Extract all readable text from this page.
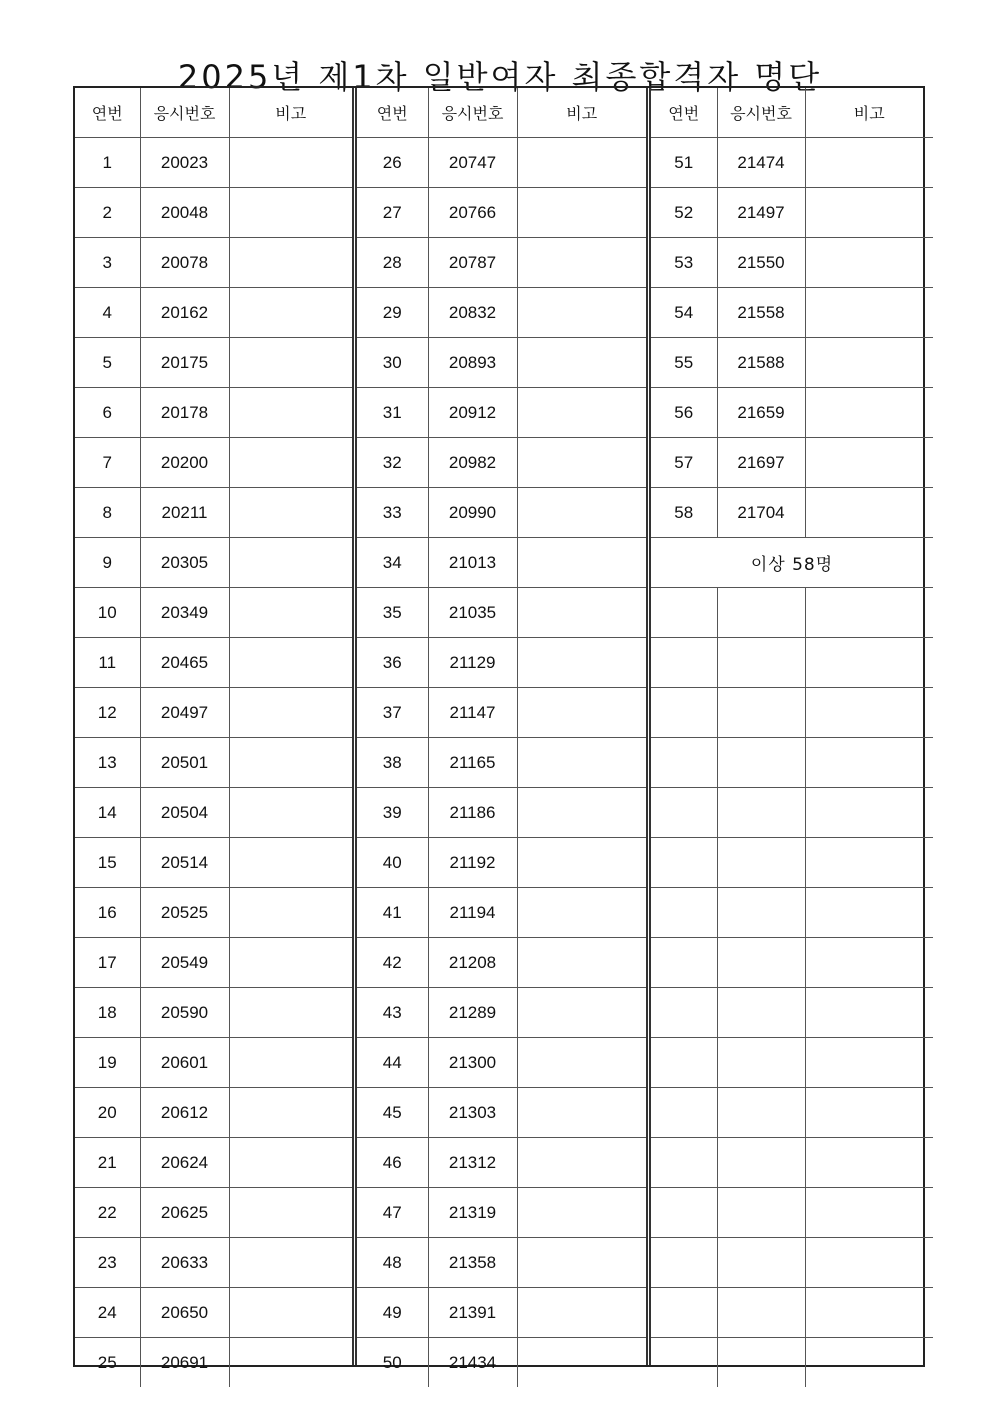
2025년 제1차 일반여자 최종합격자 명단
연번	응시번호	비고
1	20023	
2	20048	
3	20078	
4	20162	
5	20175	
6	20178	
7	20200	
8	20211	
9	20305	
10	20349	
11	20465	
12	20497	
13	20501	
14	20504	
15	20514	
16	20525	
17	20549	
18	20590	
19	20601	
20	20612	
21	20624	
22	20625	
23	20633	
24	20650	
25	20691	
연번	응시번호	비고
26	20747	
27	20766	
28	20787	
29	20832	
30	20893	
31	20912	
32	20982	
33	20990	
34	21013	
35	21035	
36	21129	
37	21147	
38	21165	
39	21186	
40	21192	
41	21194	
42	21208	
43	21289	
44	21300	
45	21303	
46	21312	
47	21319	
48	21358	
49	21391	
50	21434	
연번	응시번호	비고
51	21474	
52	21497	
53	21550	
54	21558	
55	21588	
56	21659	
57	21697	
58	21704	
이상 58명		
